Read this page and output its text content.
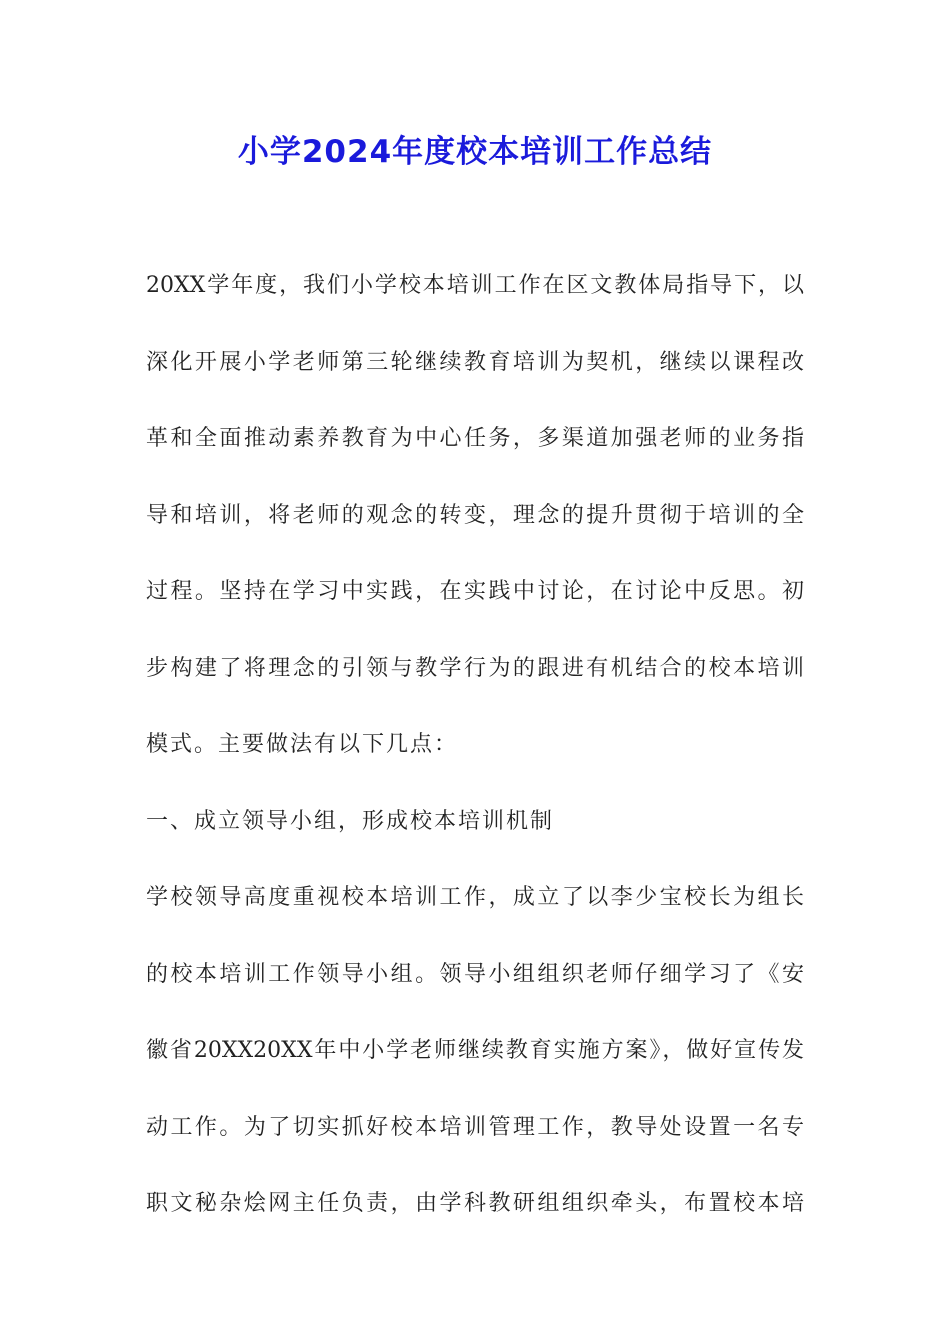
小学2024年度校本培训工作总结
20XX学年度，我们小学校本培训工作在区文教体局指导下，以
深化开展小学老师第三轮继续教育培训为契机，继续以课程改
革和全面推动素养教育为中心任务，多渠道加强老师的业务指
导和培训，将老师的观念的转变，理念的提升贯彻于培训的全
过程。坚持在学习中实践，在实践中讨论，在讨论中反思。初
步构建了将理念的引领与教学行为的跟进有机结合的校本培训
模式。主要做法有以下几点：
一、成立领导小组，形成校本培训机制
学校领导高度重视校本培训工作，成立了以李少宝校长为组长
的校本培训工作领导小组。领导小组组织老师仔细学习了《安
徽省20XX20XX年中小学老师继续教育实施方案》，做好宣传发
动工作。为了切实抓好校本培训管理工作，教导处设置一名专
职文秘杂烩网主任负责，由学科教研组组织牵头，布置校本培
